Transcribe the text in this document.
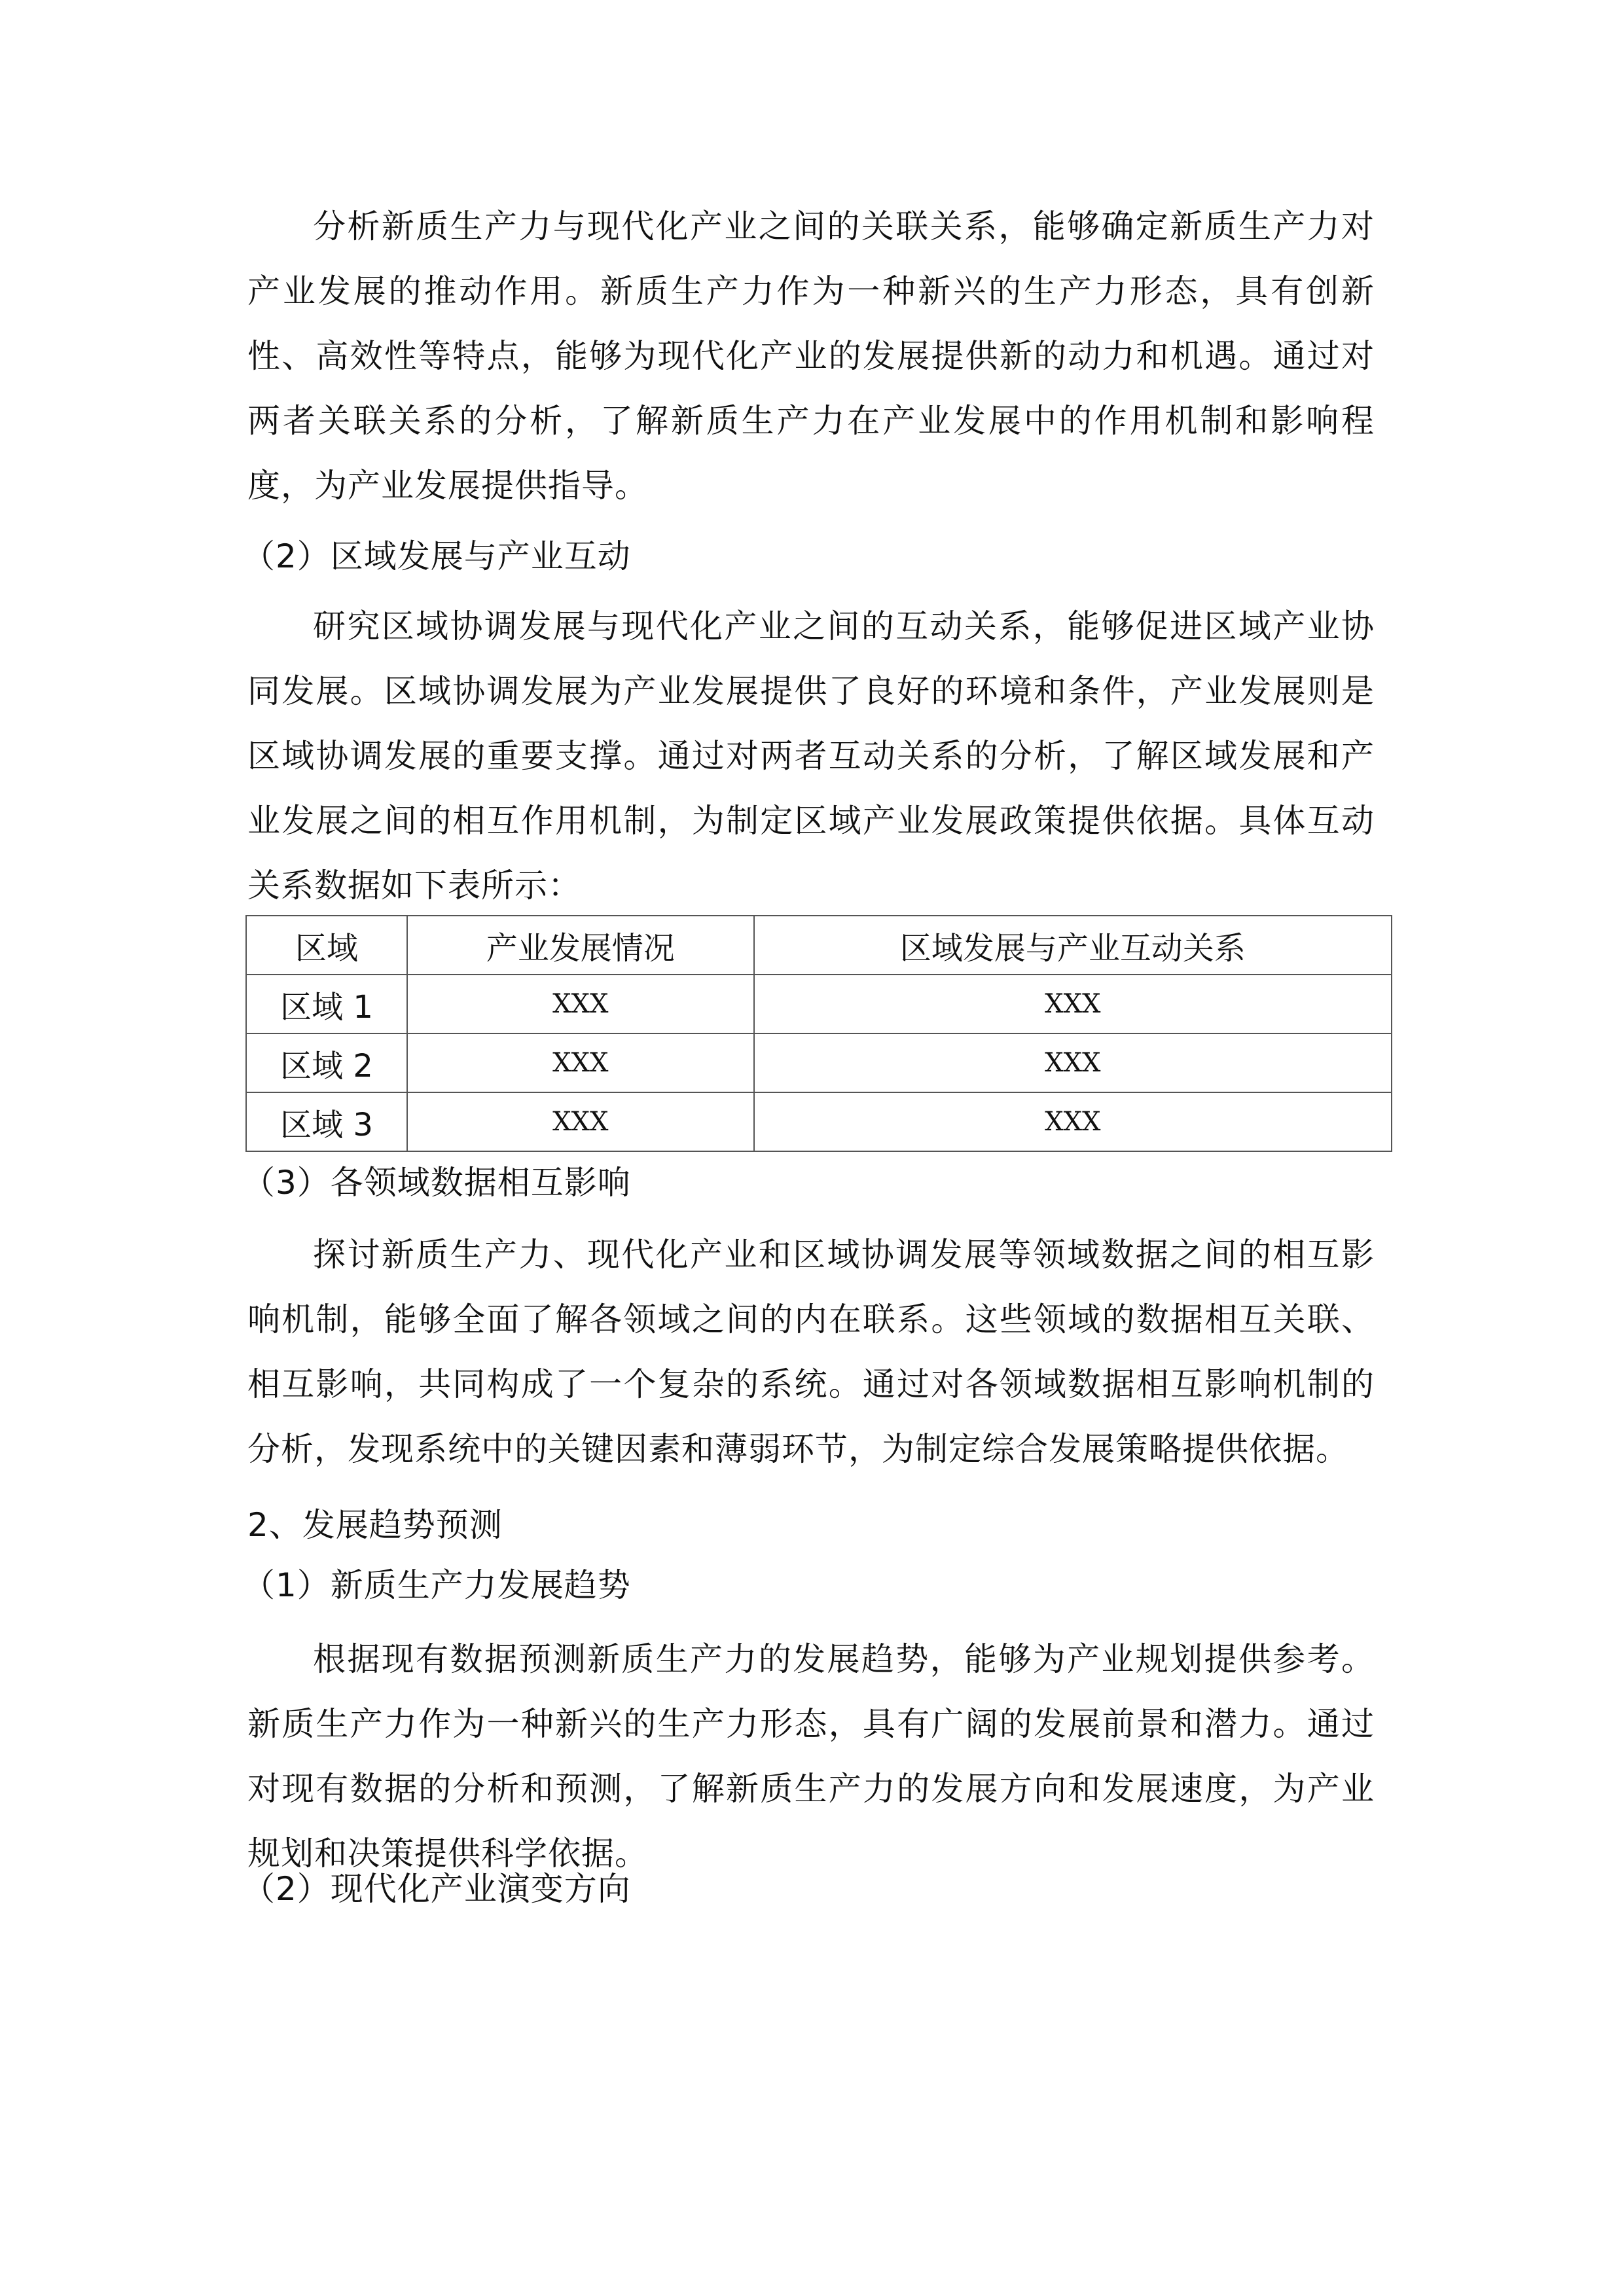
分析新质生产力与现代化产业之间的关联关系，能够确定新质生产力对产业发展的推动作用。新质生产力作为一种新兴的生产力形态，具有创新性、高效性等特点，能够为现代化产业的发展提供新的动力和机遇。通过对两者关联关系的分析，了解新质生产力在产业发展中的作用机制和影响程度，为产业发展提供指导。

（2）区域发展与产业互动

研究区域协调发展与现代化产业之间的互动关系，能够促进区域产业协同发展。区域协调发展为产业发展提供了良好的环境和条件，产业发展则是区域协调发展的重要支撑。通过对两者互动关系的分析，了解区域发展和产业发展之间的相互作用机制，为制定区域产业发展政策提供依据。具体互动关系数据如下表所示：

区域	产业发展情况	区域发展与产业互动关系
区域 1	XXX	XXX
区域 2	XXX	XXX
区域 3	XXX	XXX

（3）各领域数据相互影响

探讨新质生产力、现代化产业和区域协调发展等领域数据之间的相互影响机制，能够全面了解各领域之间的内在联系。这些领域的数据相互关联、相互影响，共同构成了一个复杂的系统。通过对各领域数据相互影响机制的分析，发现系统中的关键因素和薄弱环节，为制定综合发展策略提供依据。

2、发展趋势预测

（1）新质生产力发展趋势

根据现有数据预测新质生产力的发展趋势，能够为产业规划提供参考。新质生产力作为一种新兴的生产力形态，具有广阔的发展前景和潜力。通过对现有数据的分析和预测，了解新质生产力的发展方向和发展速度，为产业规划和决策提供科学依据。

（2）现代化产业演变方向
